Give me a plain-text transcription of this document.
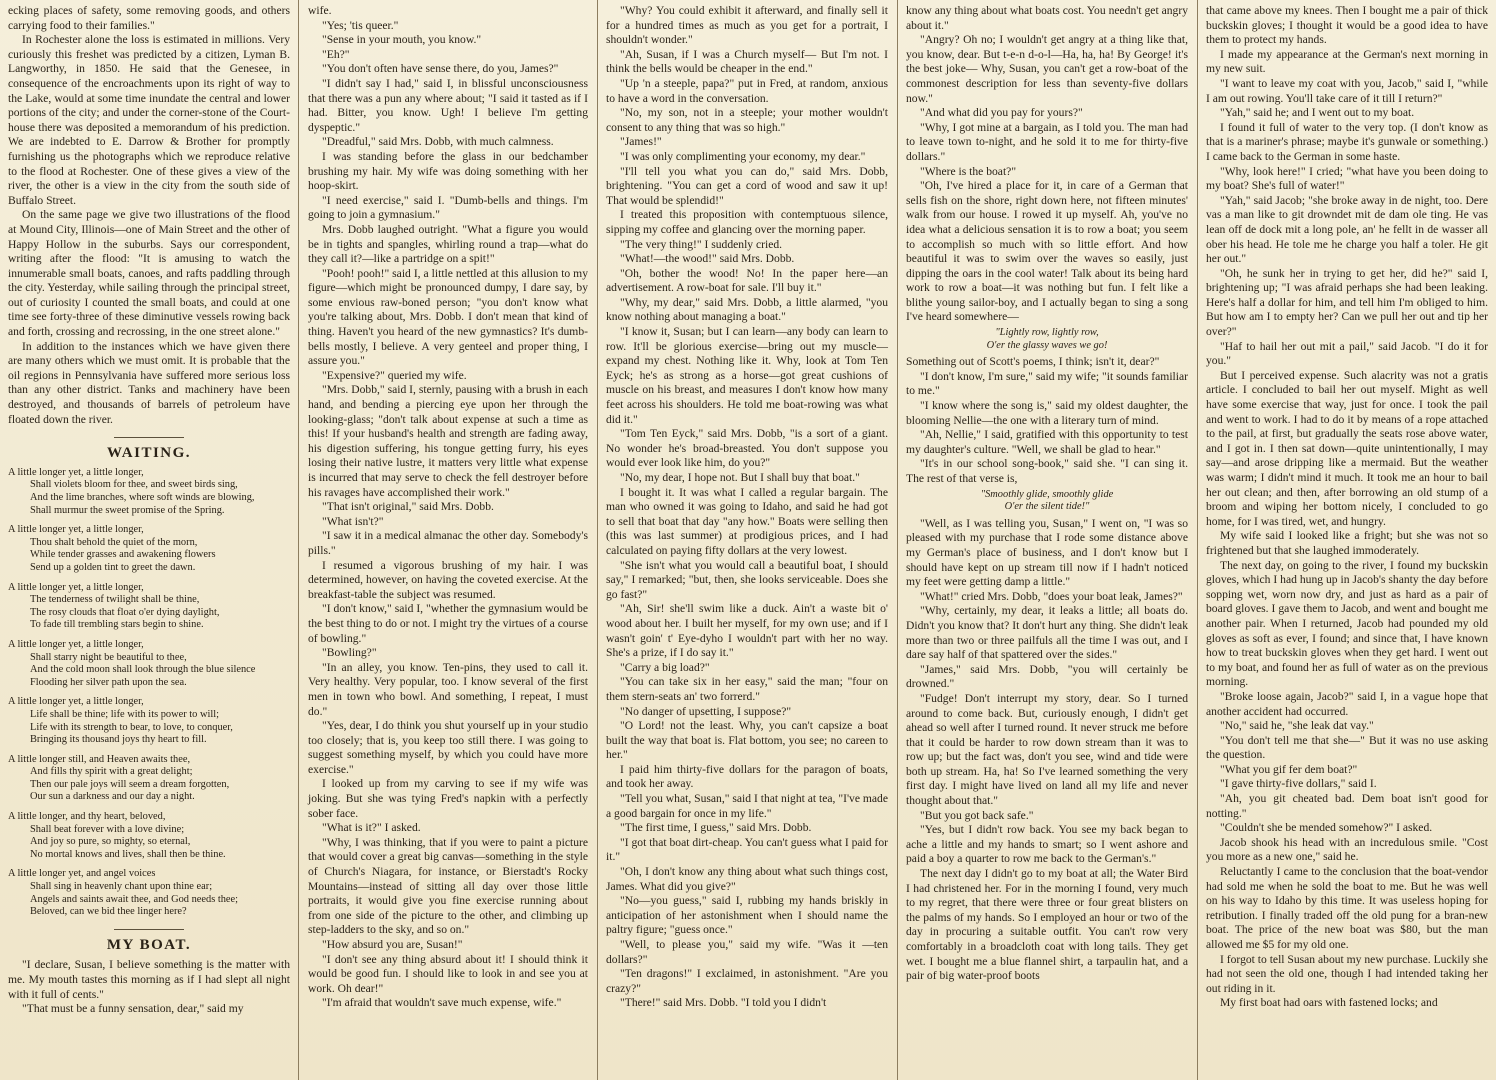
ecking places of safety, some removing goods, and others carrying food to their families."

In Rochester alone the loss is estimated in millions. Very curiously this freshet was predicted by a citizen, Lyman B. Langworthy, in 1850. He said that the Genesee, in consequence of the encroachments upon its right of way to the Lake, would at some time inundate the central and lower portions of the city; and under the corner-stone of the Court-house there was deposited a memorandum of his prediction. We are indebted to E. Darrow & Brother for promptly furnishing us the photographs which we reproduce relative to the flood at Rochester. One of these gives a view of the river, the other is a view in the city from the south side of Buffalo Street.

On the same page we give two illustrations of the flood at Mound City, Illinois—one of Main Street and the other of Happy Hollow in the suburbs. Says our correspondent, writing after the flood: "It is amusing to watch the innumerable small boats, canoes, and rafts paddling through the city. Yesterday, while sailing through the principal street, out of curiosity I counted the small boats, and could at one time see forty-three of these diminutive vessels rowing back and forth, crossing and recrossing, in the one street alone."

In addition to the instances which we have given there are many others which we must omit. It is probable that the oil regions in Pennsylvania have suffered more serious loss than any other district. Tanks and machinery have been destroyed, and thousands of barrels of petroleum have floated down the river.

WAITING.
A little longer yet, a little longer,
Shall violets bloom for thee, and sweet birds sing,
And the lime branches, where soft winds are blowing,
Shall murmur the sweet promise of the Spring.
A little longer yet, a little longer,
Thou shalt behold the quiet of the morn,
While tender grasses and awakening flowers
Send up a golden tint to greet the dawn.
A little longer yet, a little longer,
The tenderness of twilight shall be thine,
The rosy clouds that float o'er dying daylight,
To fade till trembling stars begin to shine.
A little longer yet, a little longer,
Shall starry night be beautiful to thee,
And the cold moon shall look through the blue silence
Flooding her silver path upon the sea.
A little longer yet, a little longer,
Life shall be thine; life with its power to will;
Life with its strength to bear, to love, to conquer,
Bringing its thousand joys thy heart to fill.
A little longer still, and Heaven awaits thee,
And fills thy spirit with a great delight;
Then our pale joys will seem a dream forgotten,
Our sun a darkness and our day a night.
A little longer, and thy heart, beloved,
Shall beat forever with a love divine;
And joy so pure, so mighty, so eternal,
No mortal knows and lives, shall then be thine.
A little longer yet, and angel voices
Shall sing in heavenly chant upon thine ear;
Angels and saints await thee, and God needs thee;
Beloved, can we bid thee linger here?
MY BOAT.

"I declare, Susan, I believe something is the matter with me. My mouth tastes this morning as if I had slept all night with it full of cents."

"That must be a funny sensation, dear," said my

wife.

"Yes; 'tis queer."

"Sense in your mouth, you know."

"Eh?"

"You don't often have sense there, do you, James?"

"I didn't say I had," said I, in blissful unconsciousness that there was a pun any where about; "I said it tasted as if I had. Bitter, you know. Ugh! I believe I'm getting dyspeptic."

"Dreadful," said Mrs. Dobb, with much calmness.

I was standing before the glass in our bedchamber brushing my hair. My wife was doing something with her hoop-skirt.

"I need exercise," said I. "Dumb-bells and things. I'm going to join a gymnasium."

Mrs. Dobb laughed outright. "What a figure you would be in tights and spangles, whirling round a trap—what do they call it?—like a partridge on a spit!"

"Pooh! pooh!" said I, a little nettled at this allusion to my figure—which might be pronounced dumpy, I dare say, by some envious raw-boned person; "you don't know what you're talking about, Mrs. Dobb. I don't mean that kind of thing. Haven't you heard of the new gymnastics? It's dumb-bells mostly, I believe. A very genteel and proper thing, I assure you."

"Expensive?" queried my wife.

"Mrs. Dobb," said I, sternly, pausing with a brush in each hand, and bending a piercing eye upon her through the looking-glass; "don't talk about expense at such a time as this! If your husband's health and strength are fading away, his digestion suffering, his tongue getting furry, his eyes losing their native lustre, it matters very little what expense is incurred that may serve to check the fell destroyer before his ravages have accomplished their work."

"That isn't original," said Mrs. Dobb.

"What isn't?"

"I saw it in a medical almanac the other day. Somebody's pills."

I resumed a vigorous brushing of my hair. I was determined, however, on having the coveted exercise. At the breakfast-table the subject was resumed.

"I don't know," said I, "whether the gymnasium would be the best thing to do or not. I might try the virtues of a course of bowling."

"Bowling?"

"In an alley, you know. Ten-pins, they used to call it. Very healthy. Very popular, too. I know several of the first men in town who bowl. And something, I repeat, I must do."

"Yes, dear, I do think you shut yourself up in your studio too closely; that is, you keep too still there. I was going to suggest something myself, by which you could have more exercise."

I looked up from my carving to see if my wife was joking. But she was tying Fred's napkin with a perfectly sober face.

"What is it?" I asked.

"Why, I was thinking, that if you were to paint a picture that would cover a great big canvas—something in the style of Church's Niagara, for instance, or Bierstadt's Rocky Mountains—instead of sitting all day over those little portraits, it would give you fine exercise running about from one side of the picture to the other, and climbing up step-ladders to the sky, and so on."

"How absurd you are, Susan!"

"I don't see any thing absurd about it! I should think it would be good fun. I should like to look in and see you at work. Oh dear!"

"I'm afraid that wouldn't save much expense, wife."

"Why? You could exhibit it afterward, and finally sell it for a hundred times as much as you get for a portrait, I shouldn't wonder."

"Ah, Susan, if I was a Church myself— But I'm not. I think the bells would be cheaper in the end."

"Up 'n a steeple, papa?" put in Fred, at random, anxious to have a word in the conversation.

"No, my son, not in a steeple; your mother wouldn't consent to any thing that was so high."

"James!"

"I was only complimenting your economy, my dear."

"I'll tell you what you can do," said Mrs. Dobb, brightening. "You can get a cord of wood and saw it up! That would be splendid!"

I treated this proposition with contemptuous silence, sipping my coffee and glancing over the morning paper.

"The very thing!" I suddenly cried.

"What!—the wood!" said Mrs. Dobb.

"Oh, bother the wood! No! In the paper here—an advertisement. A row-boat for sale. I'll buy it."

"Why, my dear," said Mrs. Dobb, a little alarmed, "you know nothing about managing a boat."

"I know it, Susan; but I can learn—any body can learn to row. It'll be glorious exercise—bring out my muscle—expand my chest. Nothing like it. Why, look at Tom Ten Eyck; he's as strong as a horse—got great cushions of muscle on his breast, and measures I don't know how many feet across his shoulders. He told me boat-rowing was what did it."

"Tom Ten Eyck," said Mrs. Dobb, "is a sort of a giant. No wonder he's broad-breasted. You don't suppose you would ever look like him, do you?"

"No, my dear, I hope not. But I shall buy that boat."

I bought it. It was what I called a regular bargain. The man who owned it was going to Idaho, and said he had got to sell that boat that day "any how." Boats were selling then (this was last summer) at prodigious prices, and I had calculated on paying fifty dollars at the very lowest.

"She isn't what you would call a beautiful boat, I should say," I remarked; "but, then, she looks serviceable. Does she go fast?"

"Ah, Sir! she'll swim like a duck. Ain't a waste bit o' wood about her. I built her myself, for my own use; and if I wasn't goin' t' Eye-dyho I wouldn't part with her no way. She's a prize, if I do say it."

"Carry a big load?"

"You can take six in her easy," said the man; "four on them stern-seats an' two forrerd."

"No danger of upsetting, I suppose?"

"O Lord! not the least. Why, you can't capsize a boat built the way that boat is. Flat bottom, you see; no careen to her."

I paid him thirty-five dollars for the paragon of boats, and took her away.

"Tell you what, Susan," said I that night at tea, "I've made a good bargain for once in my life."

"The first time, I guess," said Mrs. Dobb.

"I got that boat dirt-cheap. You can't guess what I paid for it."

"Oh, I don't know any thing about what such things cost, James. What did you give?"

"No—you guess," said I, rubbing my hands briskly in anticipation of her astonishment when I should name the paltry figure; "guess once."

"Well, to please you," said my wife. "Was it —ten dollars?"

"Ten dragons!" I exclaimed, in astonishment. "Are you crazy?"

"There!" said Mrs. Dobb. "I told you I didn't

know any thing about what boats cost. You needn't get angry about it."

"Angry? Oh no; I wouldn't get angry at a thing like that, you know, dear. But t-e-n d-o-l—Ha, ha, ha! By George! it's the best joke— Why, Susan, you can't get a row-boat of the commonest description for less than seventy-five dollars now."

"And what did you pay for yours?"

"Why, I got mine at a bargain, as I told you. The man had to leave town to-night, and he sold it to me for thirty-five dollars."

"Where is the boat?"

"Oh, I've hired a place for it, in care of a German that sells fish on the shore, right down here, not fifteen minutes' walk from our house. I rowed it up myself. Ah, you've no idea what a delicious sensation it is to row a boat; you seem to accomplish so much with so little effort. And how beautiful it was to swim over the waves so easily, just dipping the oars in the cool water! Talk about its being hard work to row a boat—it was nothing but fun. I felt like a blithe young sailor-boy, and I actually began to sing a song I've heard somewhere—

"Lightly row, lightly row,
O'er the glassy waves we go!

Something out of Scott's poems, I think; isn't it, dear?"

"I don't know, I'm sure," said my wife; "it sounds familiar to me."

"I know where the song is," said my oldest daughter, the blooming Nellie—the one with a literary turn of mind.

"Ah, Nellie," I said, gratified with this opportunity to test my daughter's culture. "Well, we shall be glad to hear."

"It's in our school song-book," said she. "I can sing it. The rest of that verse is,

"Smoothly glide, smoothly glide
O'er the silent tide!"

"Well, as I was telling you, Susan," I went on, "I was so pleased with my purchase that I rode some distance above my German's place of business, and I don't know but I should have kept on up stream till now if I hadn't noticed my feet were getting damp a little."

"What!" cried Mrs. Dobb, "does your boat leak, James?"

"Why, certainly, my dear, it leaks a little; all boats do. Didn't you know that? It don't hurt any thing. She didn't leak more than two or three pailfuls all the time I was out, and I dare say half of that spattered over the sides."

"James," said Mrs. Dobb, "you will certainly be drowned."

"Fudge! Don't interrupt my story, dear. So I turned around to come back. But, curiously enough, I didn't get ahead so well after I turned round. It never struck me before that it could be harder to row down stream than it was to row up; but the fact was, don't you see, wind and tide were both up stream. Ha, ha! So I've learned something the very first day. I might have lived on land all my life and never thought about that."

"But you got back safe."

"Yes, but I didn't row back. You see my back began to ache a little and my hands to smart; so I went ashore and paid a boy a quarter to row me back to the German's."

The next day I didn't go to my boat at all; the Water Bird I had christened her. For in the morning I found, very much to my regret, that there were three or four great blisters on the palms of my hands. So I employed an hour or two of the day in procuring a suitable outfit. You can't row very comfortably in a broadcloth coat with long tails. They get wet. I bought me a blue flannel shirt, a tarpaulin hat, and a pair of big water-proof boots

that came above my knees. Then I bought me a pair of thick buckskin gloves; I thought it would be a good idea to have them to protect my hands.

I made my appearance at the German's next morning in my new suit.

"I want to leave my coat with you, Jacob," said I, "while I am out rowing. You'll take care of it till I return?"

"Yah," said he; and I went out to my boat.

I found it full of water to the very top. (I don't know as that is a mariner's phrase; maybe it's gunwale or something.) I came back to the German in some haste.

"Why, look here!" I cried; "what have you been doing to my boat? She's full of water!"

"Yah," said Jacob; "she broke away in de night, too. Dere vas a man like to git drowndet mit de dam ole ting. He vas lean off de dock mit a long pole, an' he fellt in de wasser all ober his head. He tole me he charge you half a toler. He git her out."

"Oh, he sunk her in trying to get her, did he?" said I, brightening up; "I was afraid perhaps she had been leaking. Here's half a dollar for him, and tell him I'm obliged to him. But how am I to empty her? Can we pull her out and tip her over?"

"Haf to hail her out mit a pail," said Jacob. "I do it for you."

But I perceived expense. Such alacrity was not a gratis article. I concluded to bail her out myself. Might as well have some exercise that way, just for once. I took the pail and went to work. I had to do it by means of a rope attached to the pail, at first, but gradually the seats rose above water, and I got in. I then sat down—quite unintentionally, I may say—and arose dripping like a mermaid. But the weather was warm; I didn't mind it much. It took me an hour to bail her out clean; and then, after borrowing an old stump of a broom and wiping her bottom nicely, I concluded to go home, for I was tired, wet, and hungry.

My wife said I looked like a fright; but she was not so frightened but that she laughed immoderately.

The next day, on going to the river, I found my buckskin gloves, which I had hung up in Jacob's shanty the day before sopping wet, worn now dry, and just as hard as a pair of board gloves. I gave them to Jacob, and went and bought me another pair. When I returned, Jacob had pounded my old gloves as soft as ever, I found; and since that, I have known how to treat buckskin gloves when they get hard. I went out to my boat, and found her as full of water as on the previous morning.

"Broke loose again, Jacob?" said I, in a vague hope that another accident had occurred.

"No," said he, "she leak dat vay."

"You don't tell me that she—" But it was no use asking the question.

"What you gif fer dem boat?"

"I gave thirty-five dollars," said I.

"Ah, you git cheated bad. Dem boat isn't good for notting."

"Couldn't she be mended somehow?" I asked.

Jacob shook his head with an incredulous smile. "Cost you more as a new one," said he.

Reluctantly I came to the conclusion that the boat-vendor had sold me when he sold the boat to me. But he was well on his way to Idaho by this time. It was useless hoping for retribution. I finally traded off the old pung for a bran-new boat. The price of the new boat was $80, but the man allowed me $5 for my old one.

I forgot to tell Susan about my new purchase. Luckily she had not seen the old one, though I had intended taking her out riding in it.

My first boat had oars with fastened locks; and
